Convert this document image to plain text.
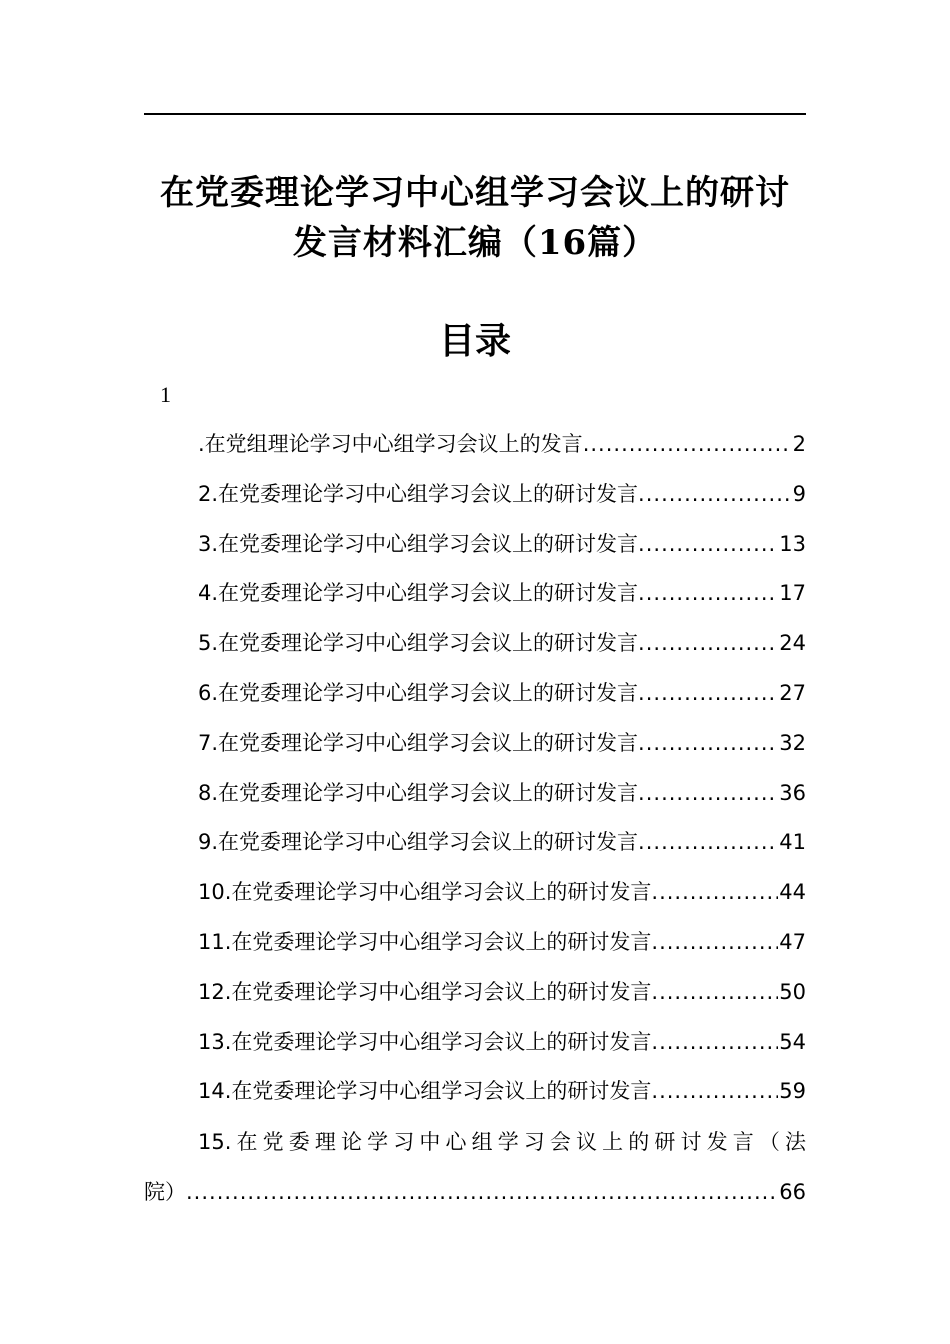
在党委理论学习中心组学习会议上的研讨
发言材料汇编（16篇）
目录
1
.在党组理论学习中心组学习会议上的发言 .....	2
2.在党委理论学习中心组学习会议上的研讨发言 .....	9
3.在党委理论学习中心组学习会议上的研讨发言 .....	13
4.在党委理论学习中心组学习会议上的研讨发言 .....	17
5.在党委理论学习中心组学习会议上的研讨发言 .....	24
6.在党委理论学习中心组学习会议上的研讨发言 .....	27
7.在党委理论学习中心组学习会议上的研讨发言 .....	32
8.在党委理论学习中心组学习会议上的研讨发言 .....	36
9.在党委理论学习中心组学习会议上的研讨发言 .....	41
10.在党委理论学习中心组学习会议上的研讨发言 .....	44
11.在党委理论学习中心组学习会议上的研讨发言 .....	47
12.在党委理论学习中心组学习会议上的研讨发言 .....	50
13.在党委理论学习中心组学习会议上的研讨发言 .....	54
14.在党委理论学习中心组学习会议上的研讨发言 .....	59
15.在党委理论学习中心组学习会议上的研讨发言（法
院） .....	66
